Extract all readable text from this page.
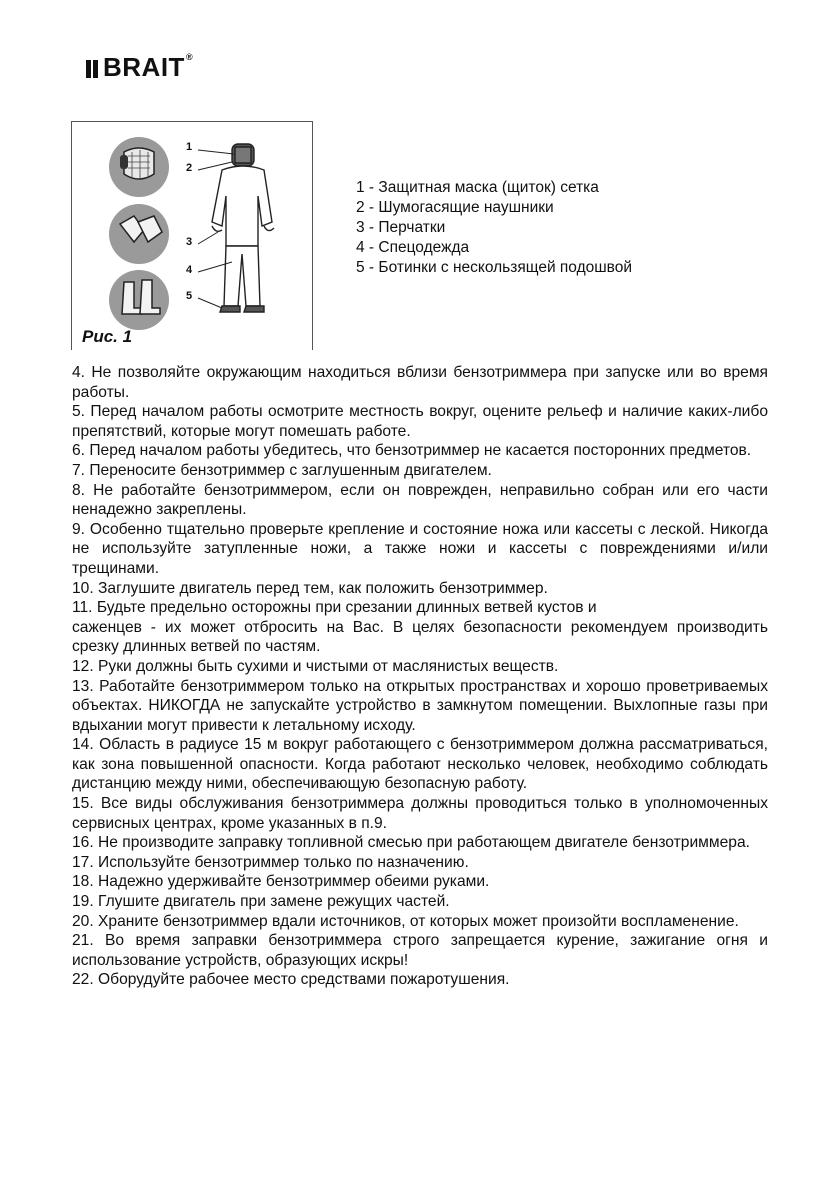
BRAIT ®
1
2
3
4
5
Рис. 1
1 - Защитная маска (щиток) сетка
2 - Шумогасящие наушники
3 - Перчатки
4 - Спецодежда
5 - Ботинки с нескользящей подошвой

4. Не позволяйте окружающим находиться вблизи бензотриммера при запуске или во время работы.

5. Перед началом работы осмотрите местность вокруг, оцените рельеф и наличие каких-либо препятствий, которые могут помешать работе.

6. Перед началом работы убедитесь, что бензотриммер не касается посторонних предметов.

7. Переносите бензотриммер с заглушенным двигателем.

8. Не работайте бензотриммером, если он поврежден, неправильно собран или его части ненадежно закреплены.

9. Особенно тщательно проверьте крепление и состояние ножа или кассеты с леской. Никогда не используйте затупленные ножи, а также ножи и кассеты с повреждениями и/или трещинами.

10. Заглушите двигатель перед тем, как положить бензотриммер.

11. Будьте предельно осторожны при срезании длинных ветвей кустов и

саженцев - их может отбросить на Вас. В целях безопасности рекомендуем производить срезку длинных ветвей по частям.

12. Руки должны быть сухими и чистыми от маслянистых веществ.

13. Работайте бензотриммером только на открытых пространствах и хорошо проветриваемых объектах. НИКОГДА не запускайте устройство в замкнутом помещении. Выхлопные газы при вдыхании могут привести к летальному исходу.

14. Область в радиусе 15 м вокруг работающего с бензотриммером должна рассматриваться, как зона повышенной опасности. Когда работают несколько человек, необходимо соблюдать дистанцию между ними, обеспечивающую безопасную работу.

15. Все виды обслуживания бензотриммера должны проводиться только в уполномоченных сервисных центрах, кроме указанных в п.9.

16. Не производите заправку топливной смесью при работающем двигателе бензотриммера.

17. Используйте бензотриммер только по назначению.

18. Надежно удерживайте бензотриммер обеими руками.

19. Глушите двигатель при замене режущих частей.

20. Храните бензотриммер вдали источников, от которых может произойти воспламенение.

21. Во время заправки бензотриммера строго запрещается курение, зажигание огня и использование устройств, образующих искры!

22. Оборудуйте рабочее место средствами пожаротушения.
